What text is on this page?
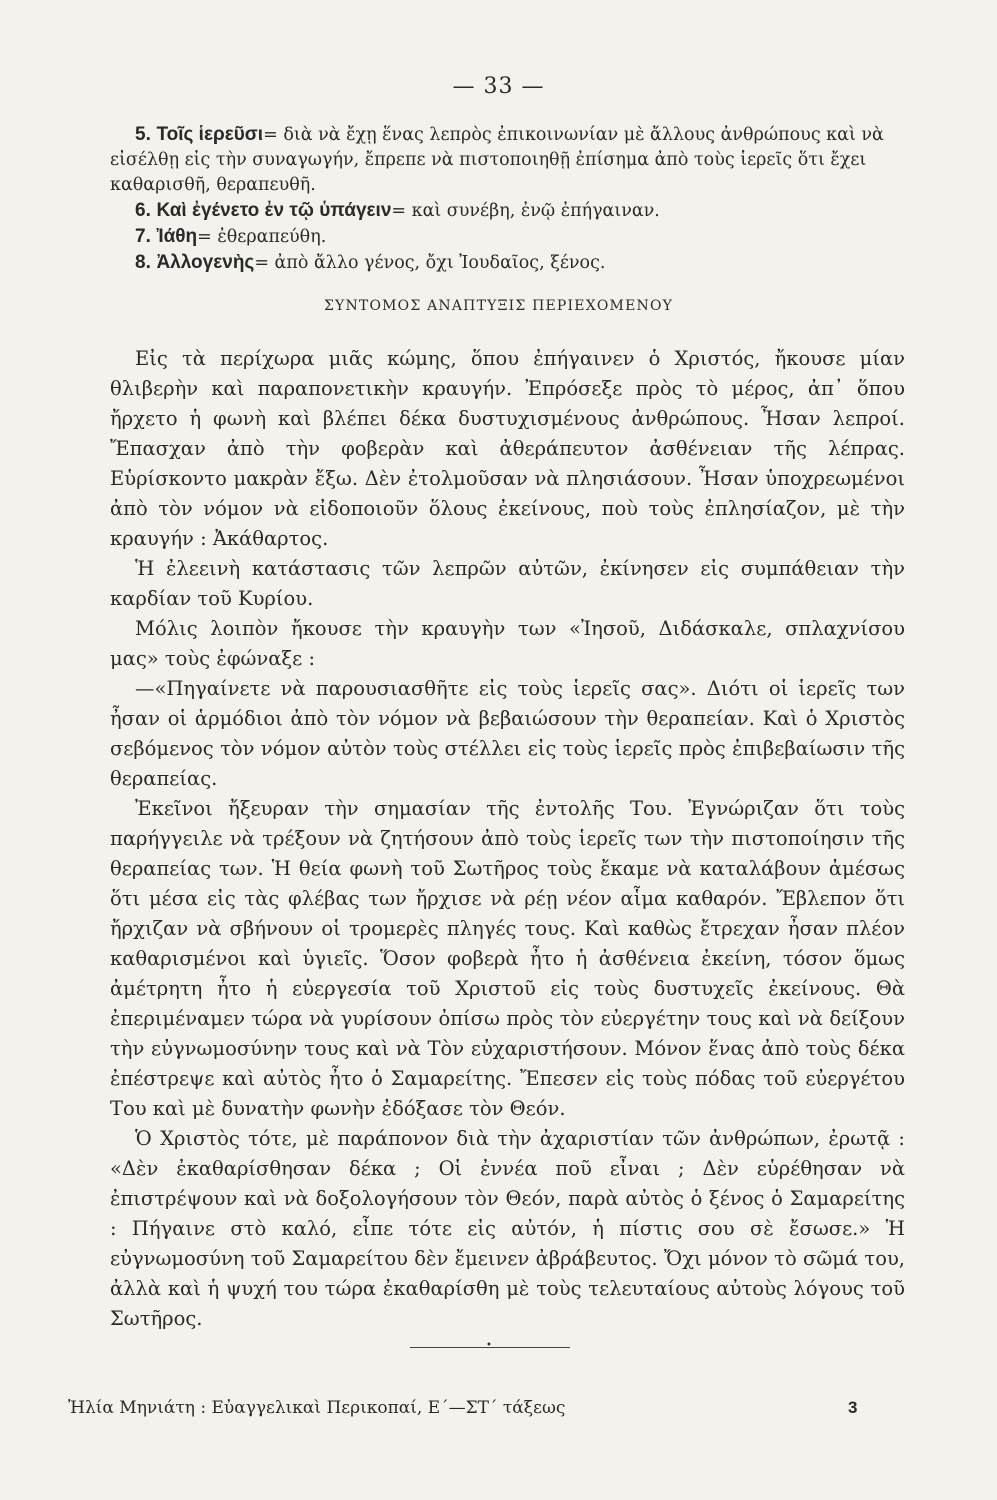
— 33 —

5. Τοῖς ἱερεῦσι= διὰ νὰ ἔχῃ ἕνας λεπρὸς ἐπικοινωνίαν μὲ ἄλλους ἀνθρώπους καὶ νὰ εἰσέλθῃ εἰς τὴν συναγωγήν, ἔπρεπε νὰ πιστοποιηθῇ ἐπίσημα ἀπὸ τοὺς ἱερεῖς ὅτι ἔχει καθαρισθῆ, θεραπευθῆ.

6. Καὶ ἐγένετο ἐν τῷ ὑπάγειν= καὶ συνέβη, ἐνῷ ἐπήγαιναν.

7. Ἰάθη= ἐθεραπεύθη.

8. Ἀλλογενὴς= ἀπὸ ἄλλο γένος, ὄχι Ἰουδαῖος, ξένος.

ΣΥΝΤΟΜΟΣ ΑΝΑΠΤΥΞΙΣ ΠΕΡΙΕΧΟΜΕΝΟΥ

Εἰς τὰ περίχωρα μιᾶς κώμης, ὅπου ἐπήγαινεν ὁ Χριστός, ἤκουσε μίαν θλιβερὴν καὶ παραπονετικὴν κραυγήν. Ἐπρόσεξε πρὸς τὸ μέρος, ἀπ᾽ ὅπου ἤρχετο ἡ φωνὴ καὶ βλέπει δέκα δυστυχισμένους ἀνθρώπους. Ἦσαν λεπροί. Ἔπασχαν ἀπὸ τὴν φοβερὰν καὶ ἀθεράπευτον ἀσθένειαν τῆς λέπρας. Εὑρίσκοντο μακρὰν ἔξω. Δὲν ἐτολμοῦσαν νὰ πλησιάσουν. Ἦσαν ὑποχρεωμένοι ἀπὸ τὸν νόμον νὰ εἰδοποιοῦν ὅλους ἐκείνους, ποὺ τοὺς ἐπλησίαζον, μὲ τὴν κραυγήν : Ἀκάθαρτος.

Ἡ ἐλεεινὴ κατάστασις τῶν λεπρῶν αὐτῶν, ἐκίνησεν εἰς συμπάθειαν τὴν καρδίαν τοῦ Κυρίου.

Μόλις λοιπὸν ἤκουσε τὴν κραυγὴν των «Ἰησοῦ, Διδάσκαλε, σπλαχνίσου μας» τοὺς ἐφώναξε :

—«Πηγαίνετε νὰ παρουσιασθῆτε εἰς τοὺς ἱερεῖς σας». Διότι οἱ ἱερεῖς των ἦσαν οἱ ἁρμόδιοι ἀπὸ τὸν νόμον νὰ βεβαιώσουν τὴν θεραπείαν. Καὶ ὁ Χριστὸς σεβόμενος τὸν νόμον αὐτὸν τοὺς στέλλει εἰς τοὺς ἱερεῖς πρὸς ἐπιβεβαίωσιν τῆς θεραπείας.

Ἐκεῖνοι ἤξευραν τὴν σημασίαν τῆς ἐντολῆς Του. Ἐγνώριζαν ὅτι τοὺς παρήγγειλε νὰ τρέξουν νὰ ζητήσουν ἀπὸ τοὺς ἱερεῖς των τὴν πιστοποίησιν τῆς θεραπείας των. Ἡ θεία φωνὴ τοῦ Σωτῆρος τοὺς ἔκαμε νὰ καταλάβουν ἀμέσως ὅτι μέσα εἰς τὰς φλέβας των ἤρχισε νὰ ρέῃ νέον αἷμα καθαρόν. Ἔβλεπον ὅτι ἤρχιζαν νὰ σβήνουν οἱ τρομερὲς πληγές τους. Καὶ καθὼς ἔτρεχαν ἦσαν πλέον καθαρισμένοι καὶ ὑγιεῖς. Ὅσον φοβερὰ ἦτο ἡ ἀσθένεια ἐκείνη, τόσον ὅμως ἀμέτρητη ἦτο ἡ εὐεργεσία τοῦ Χριστοῦ εἰς τοὺς δυστυχεῖς ἐκείνους. Θὰ ἐπεριμέναμεν τώρα νὰ γυρίσουν ὀπίσω πρὸς τὸν εὐεργέτην τους καὶ νὰ δείξουν τὴν εὐγνωμοσύνην τους καὶ νὰ Τὸν εὐχαριστήσουν. Μόνον ἕνας ἀπὸ τοὺς δέκα ἐπέστρεψε καὶ αὐτὸς ἦτο ὁ Σαμαρείτης. Ἔπεσεν εἰς τοὺς πόδας τοῦ εὐεργέτου Του καὶ μὲ δυνατὴν φωνὴν ἐδόξασε τὸν Θεόν.

Ὁ Χριστὸς τότε, μὲ παράπονον διὰ τὴν ἀχαριστίαν τῶν ἀνθρώπων, ἐρωτᾷ : «Δὲν ἐκαθαρίσθησαν δέκα ; Οἱ ἐννέα ποῦ εἶναι ; Δὲν εὑρέθησαν νὰ ἐπιστρέψουν καὶ νὰ δοξολογήσουν τὸν Θεόν, παρὰ αὐτὸς ὁ ξένος ὁ Σαμαρείτης : Πήγαινε στὸ καλό, εἶπε τότε εἰς αὐτόν, ἡ πίστις σου σὲ ἔσωσε.» Ἡ εὐγνωμοσύνη τοῦ Σαμαρείτου δὲν ἔμεινεν ἀβράβευτος. Ὄχι μόνον τὸ σῶμά του, ἀλλὰ καὶ ἡ ψυχή του τώρα ἐκαθαρίσθη μὲ τοὺς τελευταίους αὐτοὺς λόγους τοῦ Σωτῆρος.

•
Ἠλία Μηνιάτη : Εὐαγγελικαὶ Περικοπαί, Ε΄—ΣΤ΄ τάξεως	3
